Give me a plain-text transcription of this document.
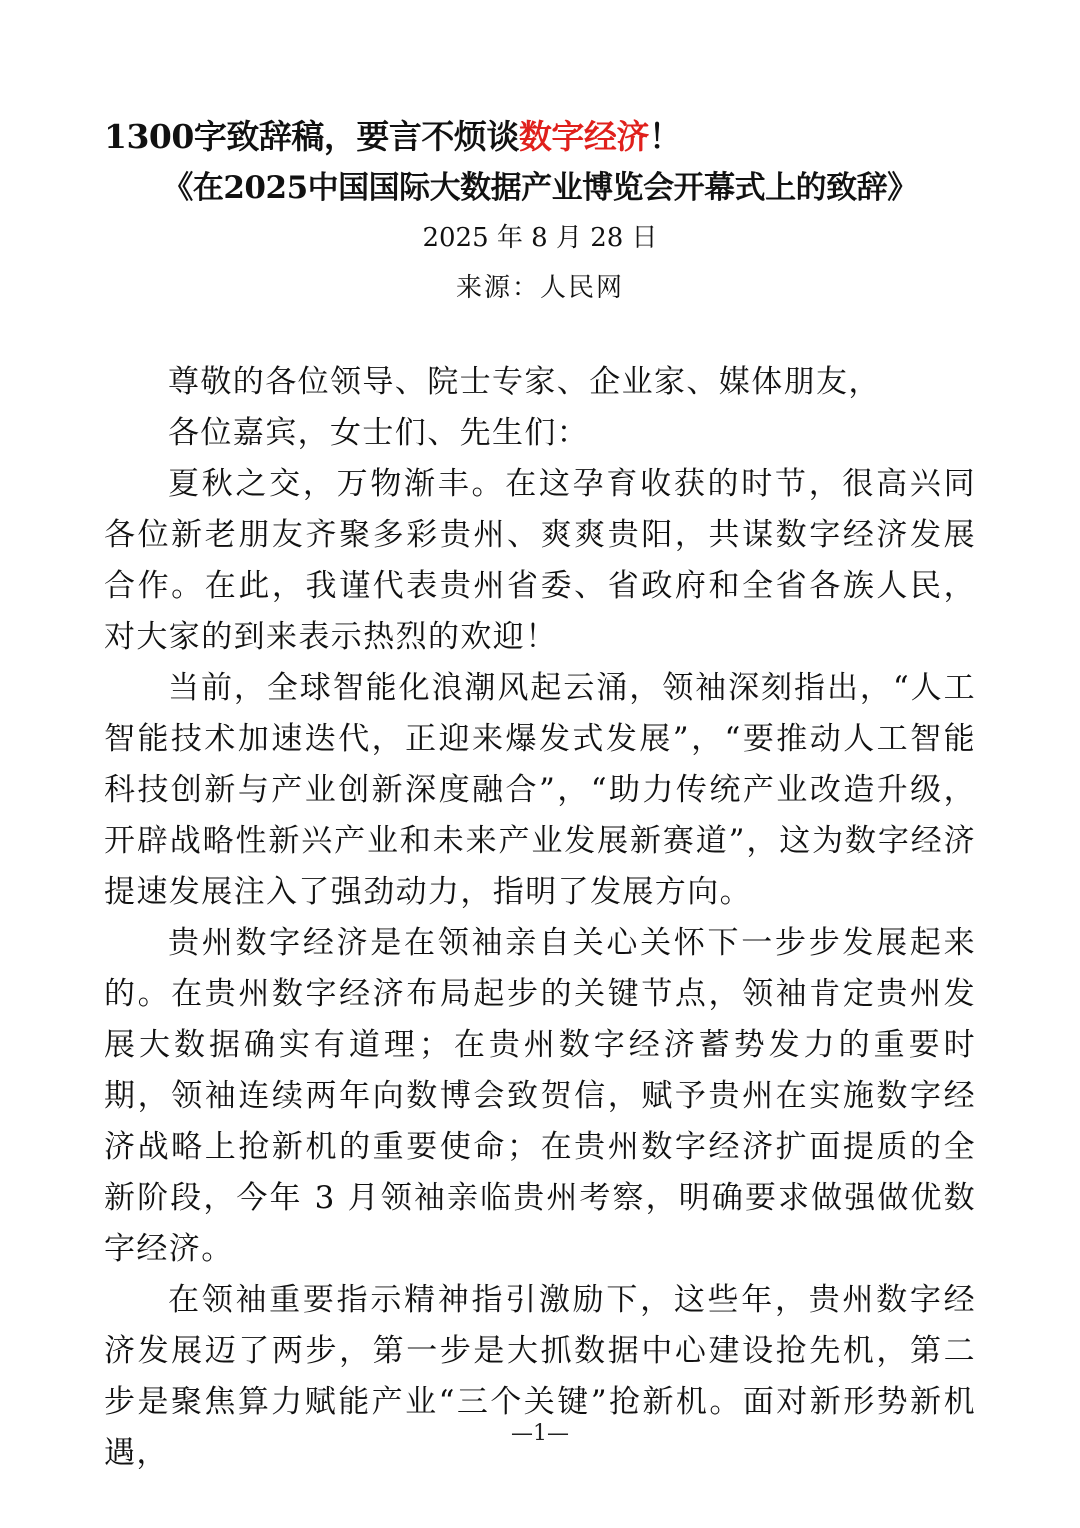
1300字致辞稿，要言不烦谈数字经济！
《在2025中国国际大数据产业博览会开幕式上的致辞》
2025 年 8 月 28 日
来源：人民网

尊敬的各位领导、院士专家、企业家、媒体朋友，

各位嘉宾，女士们、先生们：

夏秋之交，万物渐丰。在这孕育收获的时节，很高兴同各位新老朋友齐聚多彩贵州、爽爽贵阳，共谋数字经济发展合作。在此，我谨代表贵州省委、省政府和全省各族人民，对大家的到来表示热烈的欢迎！

当前，全球智能化浪潮风起云涌，领袖深刻指出，“人工智能技术加速迭代，正迎来爆发式发展”，“要推动人工智能科技创新与产业创新深度融合”，“助力传统产业改造升级，开辟战略性新兴产业和未来产业发展新赛道”，这为数字经济提速发展注入了强劲动力，指明了发展方向。

贵州数字经济是在领袖亲自关心关怀下一步步发展起来的。在贵州数字经济布局起步的关键节点，领袖肯定贵州发展大数据确实有道理；在贵州数字经济蓄势发力的重要时期，领袖连续两年向数博会致贺信，赋予贵州在实施数字经济战略上抢新机的重要使命；在贵州数字经济扩面提质的全新阶段，今年 3 月领袖亲临贵州考察，明确要求做强做优数字经济。

在领袖重要指示精神指引激励下，这些年，贵州数字经济发展迈了两步，第一步是大抓数据中心建设抢先机，第二步是聚焦算力赋能产业“三个关键”抢新机。面对新形势新机遇，

—1—
